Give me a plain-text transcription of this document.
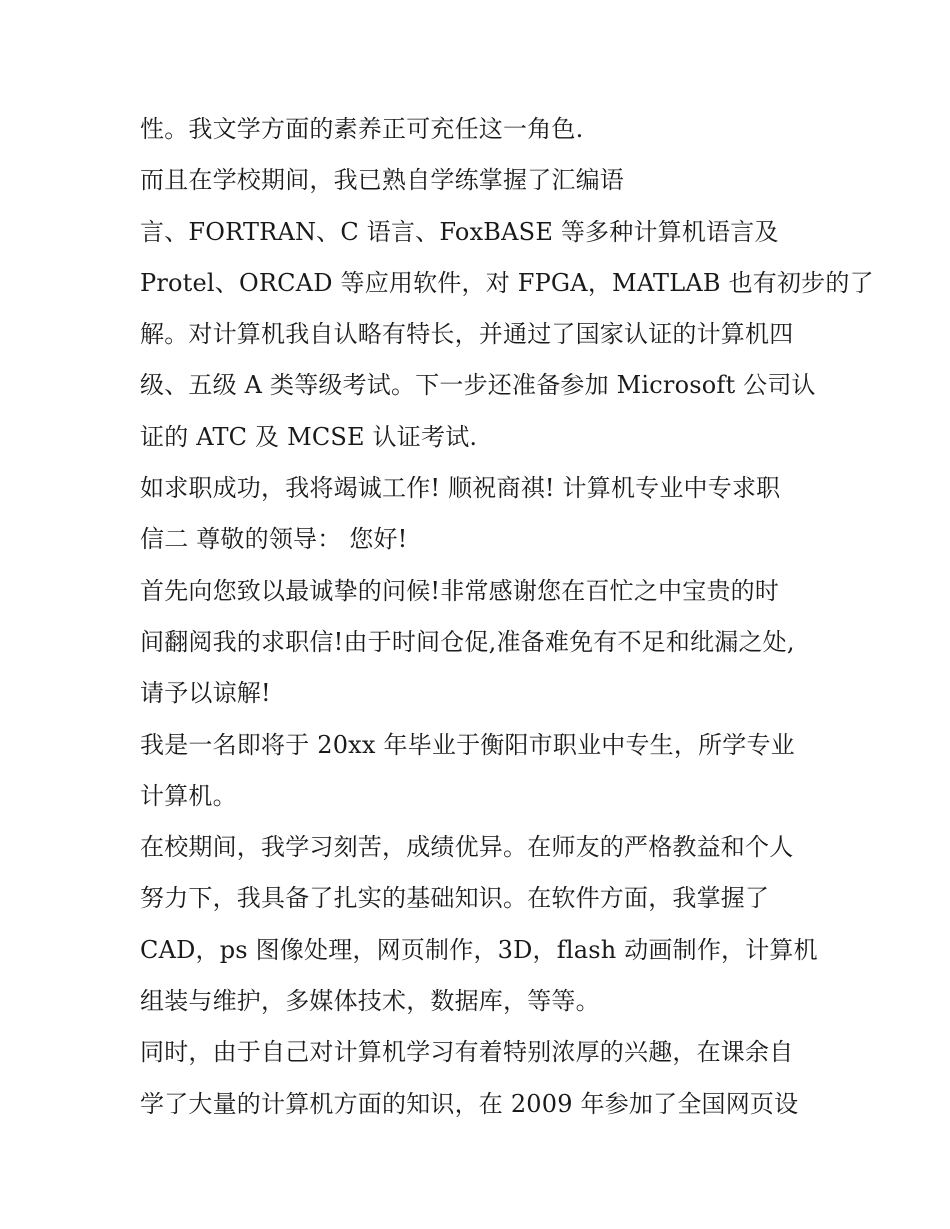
性。我文学方面的素养正可充任这一角色.
而且在学校期间，我已熟自学练掌握了汇编语
言、FORTRAN、C 语言、FoxBASE 等多种计算机语言及
Protel、ORCAD 等应用软件，对 FPGA，MATLAB 也有初步的了
解。对计算机我自认略有特长，并通过了国家认证的计算机四
级、五级 A 类等级考试。下一步还准备参加 Microsoft 公司认
证的 ATC 及 MCSE 认证考试.
如求职成功，我将竭诚工作! 顺祝商祺! 计算机专业中专求职
信二 尊敬的领导： 您好!
首先向您致以最诚挚的问候!非常感谢您在百忙之中宝贵的时
间翻阅我的求职信!由于时间仓促,准备难免有不足和纰漏之处,
请予以谅解!
我是一名即将于 20xx 年毕业于衡阳市职业中专生，所学专业
计算机。
在校期间，我学习刻苦，成绩优异。在师友的严格教益和个人
努力下，我具备了扎实的基础知识。在软件方面，我掌握了
CAD，ps 图像处理，网页制作，3D，flash 动画制作，计算机
组装与维护，多媒体技术，数据库，等等。
同时，由于自己对计算机学习有着特别浓厚的兴趣，在课余自
学了大量的计算机方面的知识，在 2009 年参加了全国网页设
